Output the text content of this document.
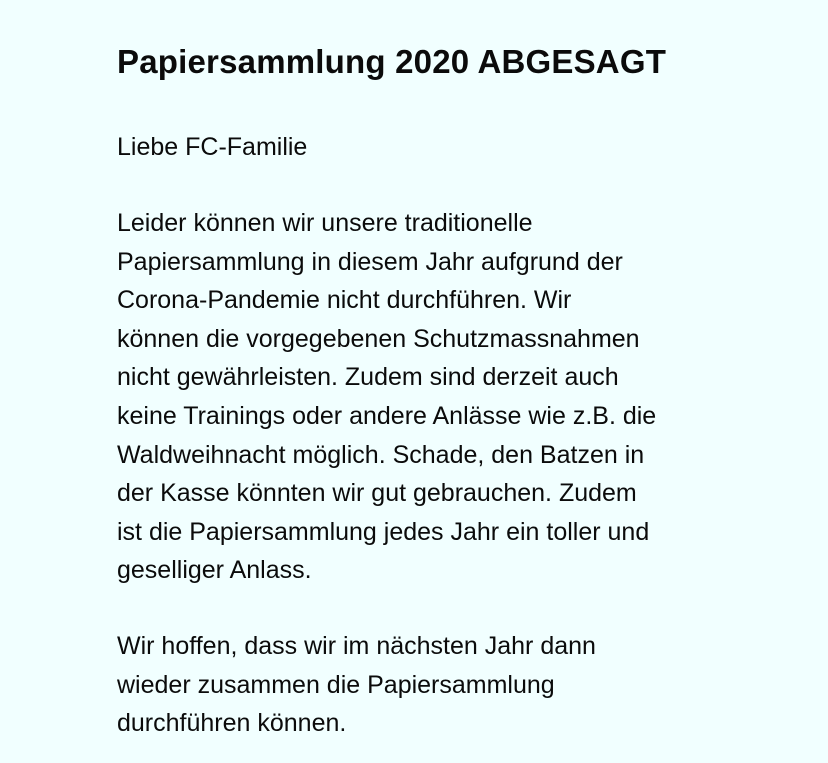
Papiersammlung 2020 ABGESAGT

Liebe FC-Familie

Leider können wir unsere traditionelle
Papiersammlung in diesem Jahr aufgrund der
Corona-Pandemie nicht durchführen. Wir
können die vorgegebenen Schutzmassnahmen
nicht gewährleisten. Zudem sind derzeit auch
keine Trainings oder andere Anlässe wie z.B. die
Waldweihnacht möglich. Schade, den Batzen in
der Kasse könnten wir gut gebrauchen. Zudem
ist die Papiersammlung jedes Jahr ein toller und
geselliger Anlass.

Wir hoffen, dass wir im nächsten Jahr dann
wieder zusammen die Papiersammlung
durchführen können.
